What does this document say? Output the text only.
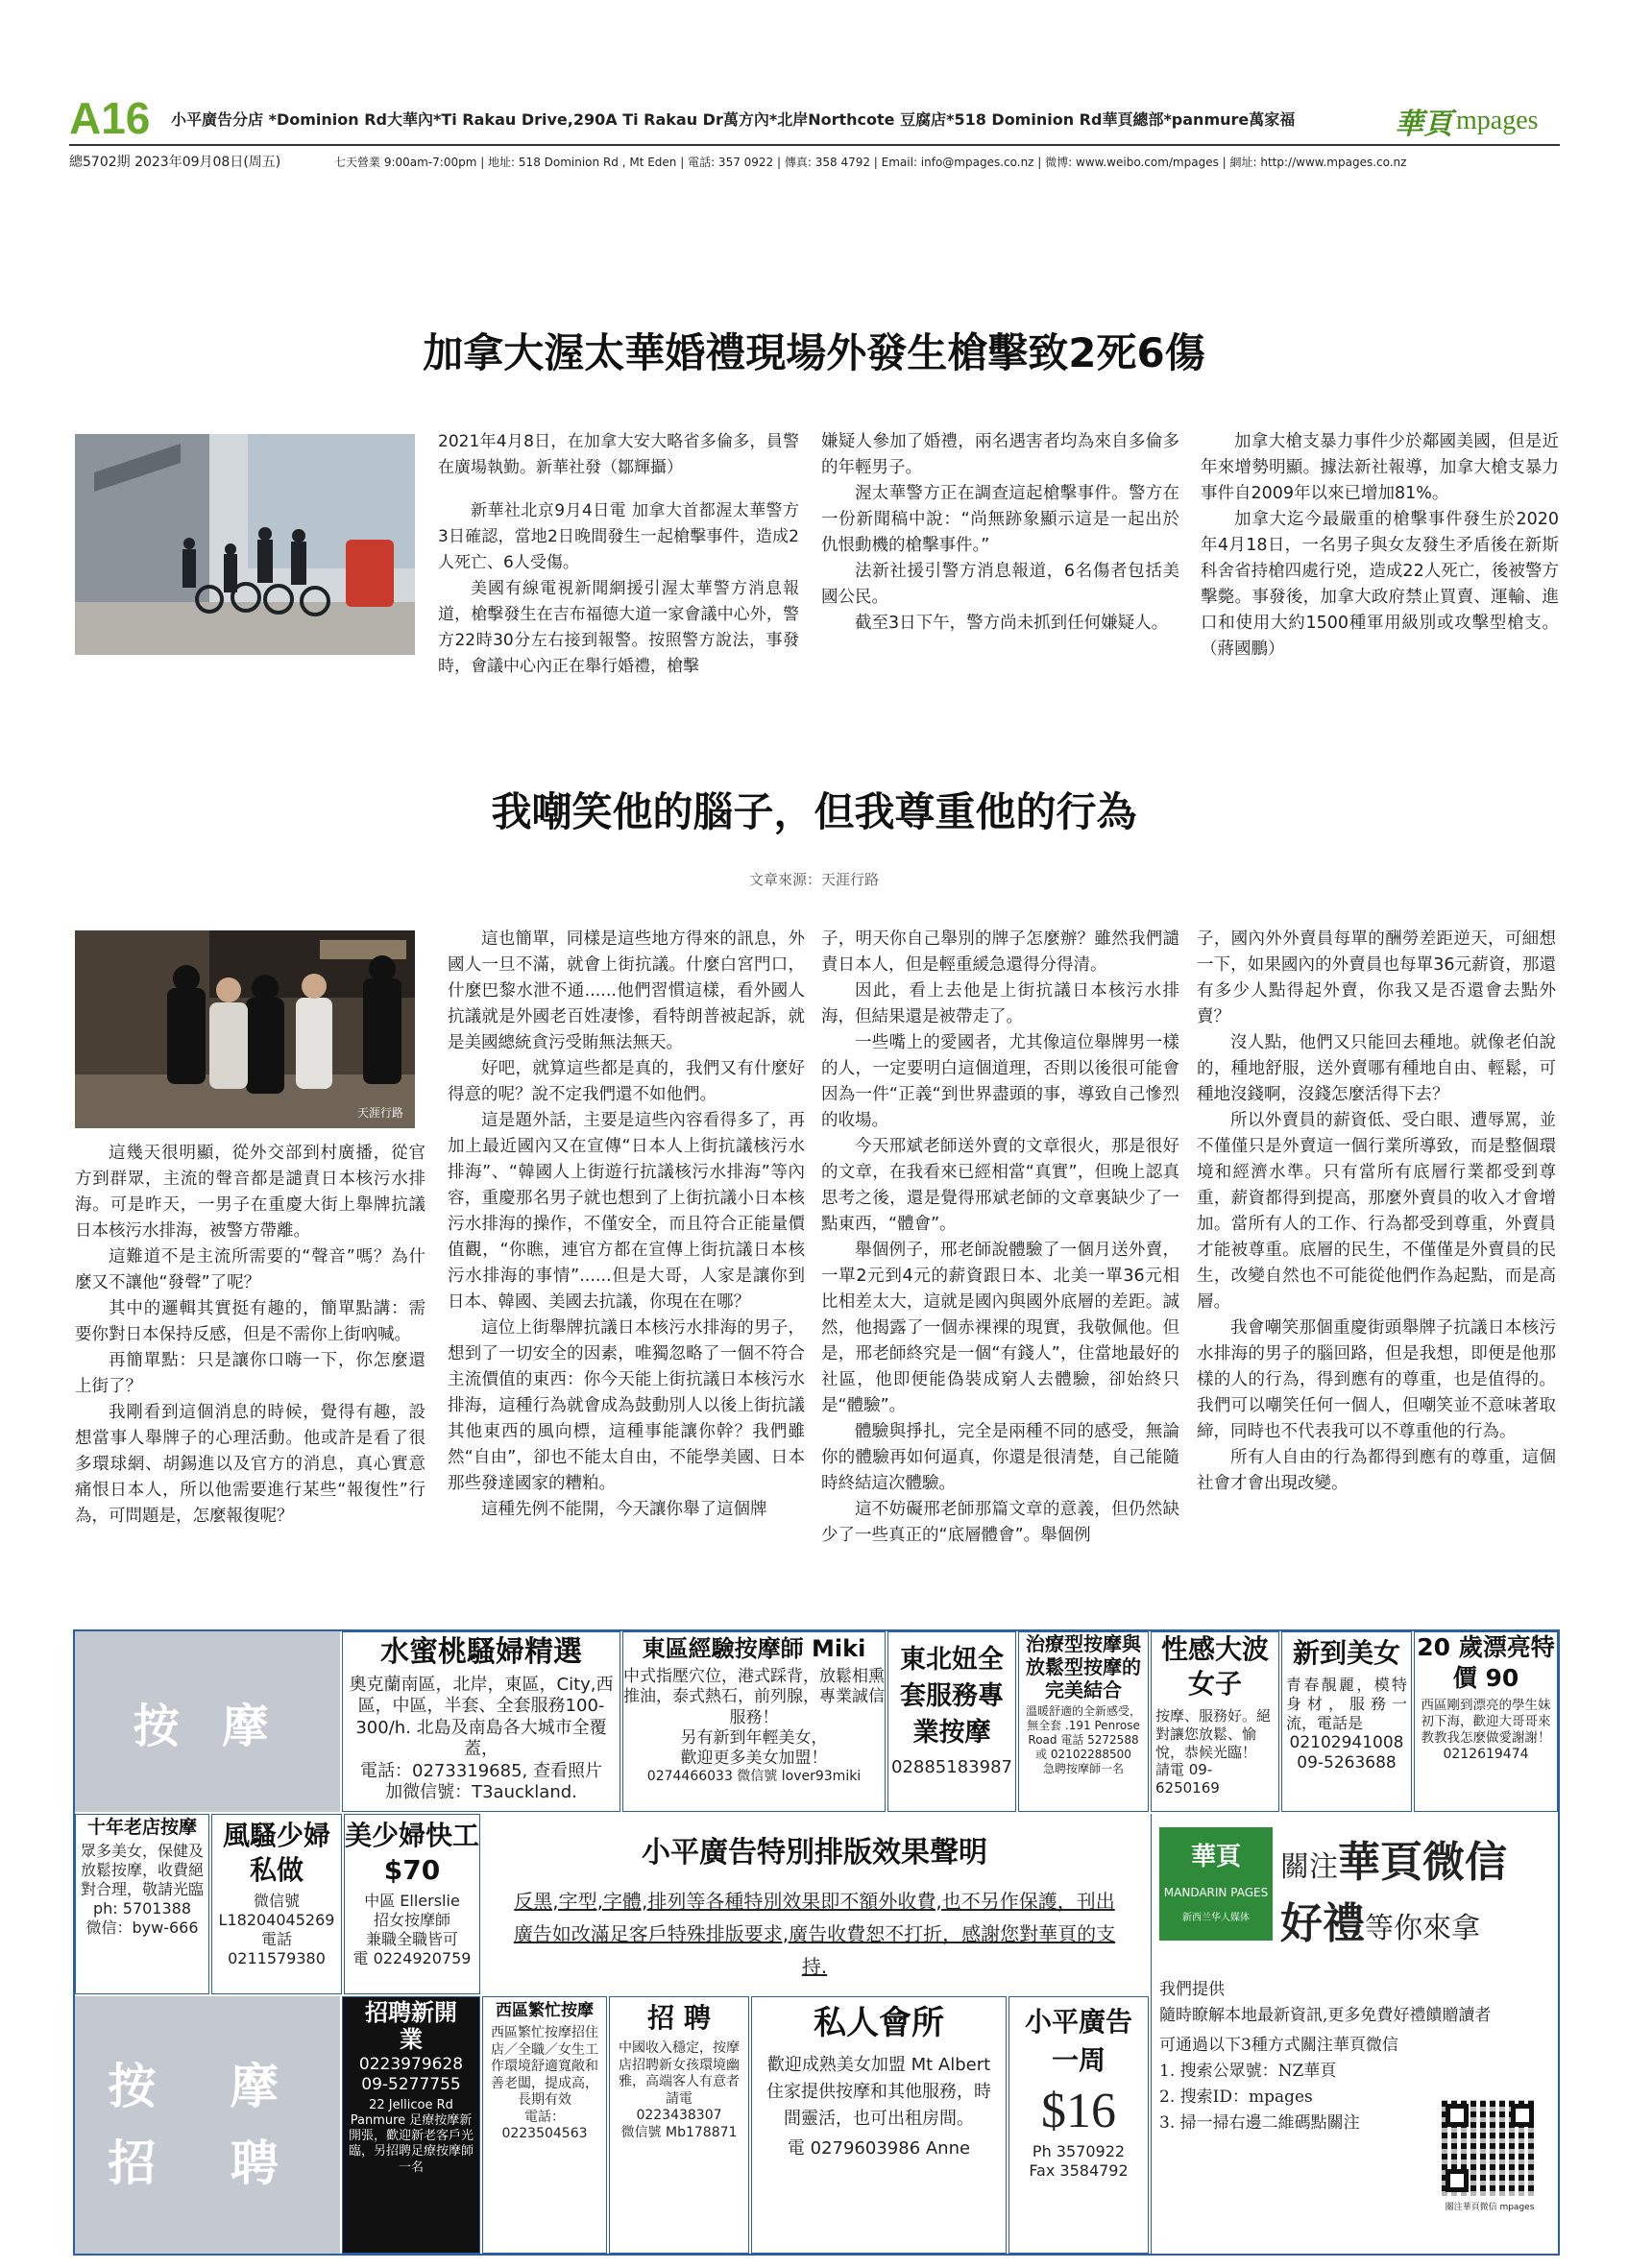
A16 小平廣告分店 *Dominion Rd大華內*Ti Rakau Drive,290A Ti Rakau Dr萬方內*北岸Northcote 豆腐店*518 Dominion Rd華頁總部*panmure萬家福
總5702期 2023年09月08日(周五)	七天營業 9:00am-7:00pm | 地址: 518 Dominion Rd , Mt Eden | 電話: 357 0922 | 傳真: 358 4792 | Email: info@mpages.co.nz | 微博: www.weibo.com/mpages | 網址: http://www.mpages.co.nz
華頁 mpages
加拿大渥太華婚禮現場外發生槍擊致2死6傷

2021年4月8日，在加拿大安大略省多倫多，員警在廣場執勤。新華社發（鄒輝攝）

新華社北京9月4日電 加拿大首都渥太華警方3日確認，當地2日晚間發生一起槍擊事件，造成2人死亡、6人受傷。

美國有線電視新聞網援引渥太華警方消息報道，槍擊發生在吉布福德大道一家會議中心外，警方22時30分左右接到報警。按照警方說法，事發時，會議中心內正在舉行婚禮，槍擊

嫌疑人參加了婚禮，兩名遇害者均為來自多倫多的年輕男子。

渥太華警方正在調查這起槍擊事件。警方在一份新聞稿中說：“尚無跡象顯示這是一起出於仇恨動機的槍擊事件。”

法新社援引警方消息報道，6名傷者包括美國公民。

截至3日下午，警方尚未抓到任何嫌疑人。

加拿大槍支暴力事件少於鄰國美國，但是近年來增勢明顯。據法新社報導，加拿大槍支暴力事件自2009年以來已增加81%。

加拿大迄今最嚴重的槍擊事件發生於2020年4月18日，一名男子與女友發生矛盾後在新斯科舍省持槍四處行兇，造成22人死亡，後被警方擊斃。事發後，加拿大政府禁止買賣、運輸、進口和使用大約1500種軍用級別或攻擊型槍支。（蔣國鵬）

我嘲笑他的腦子，但我尊重他的行為
文章來源：天涯行路
天涯行路

這幾天很明顯，從外交部到村廣播，從官方到群眾，主流的聲音都是譴責日本核污水排海。可是昨天，一男子在重慶大街上舉牌抗議日本核污水排海，被警方帶離。

這難道不是主流所需要的“聲音”嗎？為什麼又不讓他“發聲”了呢？

其中的邏輯其實挺有趣的，簡單點講：需要你對日本保持反感，但是不需你上街吶喊。

再簡單點：只是讓你口嗨一下，你怎麼還上街了？

我剛看到這個消息的時候，覺得有趣，設想當事人舉牌子的心理活動。他或許是看了很多環球網、胡錫進以及官方的消息，真心實意痛恨日本人，所以他需要進行某些“報復性”行為，可問題是，怎麼報復呢？

這也簡單，同樣是這些地方得來的訊息，外國人一旦不滿，就會上街抗議。什麼白宮門口，什麼巴黎水泄不通......他們習慣這樣，看外國人抗議就是外國老百姓凄慘，看特朗普被起訴，就是美國總統貪污受賄無法無天。

好吧，就算這些都是真的，我們又有什麼好得意的呢？說不定我們還不如他們。

這是題外話，主要是這些內容看得多了，再加上最近國內又在宣傳“日本人上街抗議核污水排海”、“韓國人上街遊行抗議核污水排海”等內容，重慶那名男子就也想到了上街抗議小日本核污水排海的操作，不僅安全，而且符合正能量價值觀，“你瞧，連官方都在宣傳上街抗議日本核污水排海的事情”......但是大哥，人家是讓你到日本、韓國、美國去抗議，你現在在哪？

這位上街舉牌抗議日本核污水排海的男子，想到了一切安全的因素，唯獨忽略了一個不符合主流價值的東西：你今天能上街抗議日本核污水排海，這種行為就會成為鼓動別人以後上街抗議其他東西的風向標，這種事能讓你幹？我們雖然“自由”，卻也不能太自由，不能學美國、日本那些發達國家的糟粕。

這種先例不能開，今天讓你舉了這個牌

子，明天你自己舉別的牌子怎麼辦？雖然我們譴責日本人，但是輕重緩急還得分得清。

因此，看上去他是上街抗議日本核污水排海，但結果還是被帶走了。

一些嘴上的愛國者，尤其像這位舉牌男一樣的人，一定要明白這個道理，否則以後很可能會因為一件“正義“到世界盡頭的事，導致自己慘烈的收場。

今天邢斌老師送外賣的文章很火，那是很好的文章，在我看來已經相當“真實”，但晚上認真思考之後，還是覺得邢斌老師的文章裏缺少了一點東西，“體會”。

舉個例子，邢老師說體驗了一個月送外賣，一單2元到4元的薪資跟日本、北美一單36元相比相差太大，這就是國內與國外底層的差距。誠然，他揭露了一個赤裸裸的現實，我敬佩他。但是，邢老師終究是一個“有錢人”，住當地最好的社區，他即便能偽裝成窮人去體驗，卻始終只是“體驗”。

體驗與掙扎，完全是兩種不同的感受，無論你的體驗再如何逼真，你還是很清楚，自己能隨時終結這次體驗。

這不妨礙邢老師那篇文章的意義，但仍然缺少了一些真正的“底層體會”。舉個例

子，國內外外賣員每單的酬勞差距逆天，可細想一下，如果國內的外賣員也每單36元薪資，那還有多少人點得起外賣，你我又是否還會去點外賣？

沒人點，他們又只能回去種地。就像老伯說的，種地舒服，送外賣哪有種地自由、輕鬆，可種地沒錢啊，沒錢怎麼活得下去？

所以外賣員的薪資低、受白眼、遭辱罵，並不僅僅只是外賣這一個行業所導致，而是整個環境和經濟水準。只有當所有底層行業都受到尊重，薪資都得到提高，那麼外賣員的收入才會增加。當所有人的工作、行為都受到尊重，外賣員才能被尊重。底層的民生，不僅僅是外賣員的民生，改變自然也不可能從他們作為起點，而是高層。

我會嘲笑那個重慶街頭舉牌子抗議日本核污水排海的男子的腦回路，但是我想，即便是他那樣的人的行為，得到應有的尊重，也是值得的。我們可以嘲笑任何一個人，但嘲笑並不意味著取締，同時也不代表我可以不尊重他的行為。

所有人自由的行為都得到應有的尊重，這個社會才會出現改變。

按 摩

水蜜桃騷婦精選

奧克蘭南區，北岸，東區，City,西區，中區，半套、全套服務100-300/h. 北島及南島各大城市全覆蓋，

電話：0273319685, 查看照片

加微信號：T3auckland.

東區經驗按摩師 Miki

中式指壓穴位，港式踩背，放鬆相熏推油，泰式熱石，前列腺，專業誠信服務！

另有新到年輕美女，

歡迎更多美女加盟！

0274466033 微信號 lover93miki

東北妞全套服務專業按摩

02885183987

治療型按摩與放鬆型按摩的完美結合

溫暖舒適的全新感受，

無全套 .191 Penrose Road 電話 5272588

或 02102288500

急聘按摩師一名

性感大波女子

按摩、服務好。絕對讓您放鬆、愉悅，恭候光臨！

請電 09-6250169

新到美女

青春靚麗，模特身材，服務一流，電話是

02102941008

09-5263688

20 歲漂亮特價 90

西區剛到漂亮的學生妹初下海，歡迎大哥哥來教教我怎麼做愛謝謝！

0212619474

十年老店按摩

眾多美女，保健及放鬆按摩，收費絕對合理，敬請光臨

ph: 5701388

微信：byw-666

風騷少婦私做

微信號

L18204045269

電話

0211579380

美少婦快工 $70

中區 Ellerslie

招女按摩師

兼職全職皆可

電 0224920759

小平廣告特別排版效果聲明

反黑,字型,字體,排列等各種特別效果即不額外收費,也不另作保護，刊出廣告如改滿足客戶特殊排版要求,廣告收費恕不打折，感謝您對華頁的支持.

華頁

MANDARIN PAGES

新西兰华人媒体

關注華頁微信
好禮等你來拿

我們提供

隨時瞭解本地最新資訊,更多免費好禮饋贈讀者

可通過以下3種方式關注華頁微信

1. 搜索公眾號：NZ華頁

2. 搜索ID：mpages

3. 掃一掃右邊二維碼點關注

關注華頁微信 mpages

按 摩
招 聘

招聘新開業

0223979628

09-5277755

22 Jellicoe Rd Panmure 足療按摩新開張，歡迎新老客戶光臨，另招聘足療按摩師一名

西區繁忙按摩

西區繁忙按摩招住店／全職／女生工作環境舒適寬敞和善老闆，提成高，長期有效

電話：

0223504563

招 聘

中國收入穩定，按摩店招聘新女孩環境幽雅，高端客人有意者請電

0223438307

微信號 Mb178871

私人會所

歡迎成熟美女加盟 Mt Albert 住家提供按摩和其他服務，時間靈活，也可出租房間。

電 0279603986 Anne

小平廣告一周

$16

Ph 3570922

Fax 3584792
